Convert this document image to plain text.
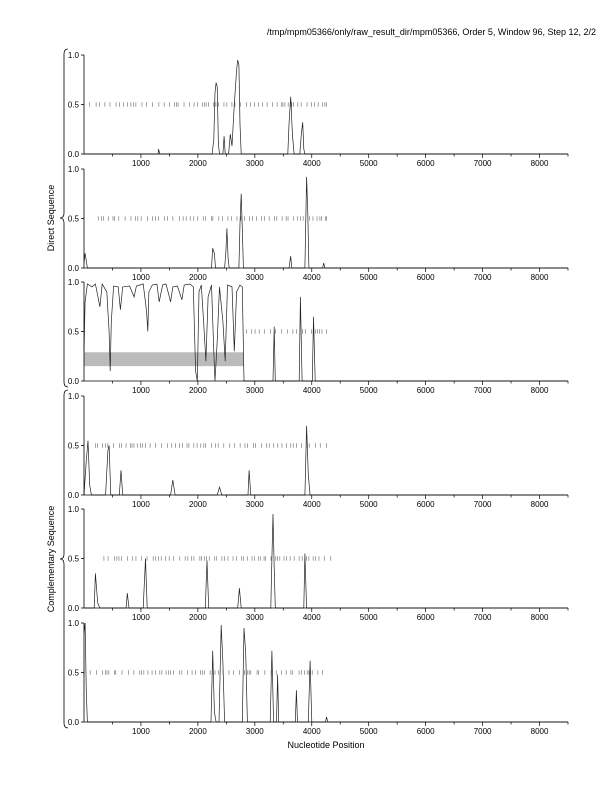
/tmp/mpm05366/only/raw_result_dir/mpm05366, Order 5, Window 96, Step 12, 2/2
0.0
0.5
1.0
1000	2000	3000	4000	5000	6000	7000	8000
0.0
0.5
1.0
1000	2000	3000	4000	5000	6000	7000	8000
0.0
0.5
1.0
1000	2000	3000	4000	5000	6000	7000	8000
0.0
0.5
1.0
1000	2000	3000	4000	5000	6000	7000	8000
0.0
0.5
1.0
1000	2000	3000	4000	5000	6000	7000	8000
0.0
0.5
1.0
1000	2000	3000	4000	5000	6000	7000	8000
Direct Sequence
Complementary Sequence
Nucleotide Position
